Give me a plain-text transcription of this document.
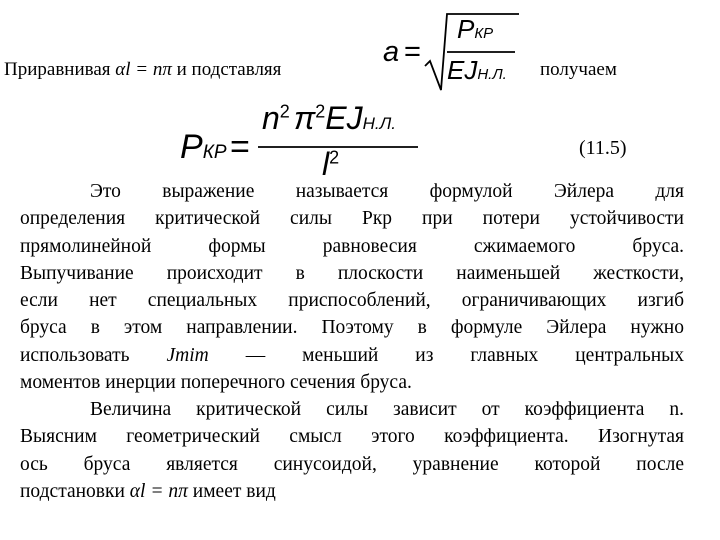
Приравнивая αl = nπ и подставляя
a =
PКР
EJН.Л. получаем
PКР =
$n^2$ $\pi^2EJН.Л$.
$l^2$	(11.5)
Это выражение называется формулой Эйлера для
определения критической силы Ркр при потери устойчивости
прямолинейной формы равновесия сжимаемого бруса.
Выпучивание происходит в плоскости наименьшей жесткости,
если нет специальных приспособлений, ограничивающих изгиб
бруса в этом направлении. Поэтому в формуле Эйлера нужно
использовать Jmim — меньший из главных центральных
моментов инерции поперечного сечения бруса.
Величина критической силы зависит от коэффициента n.
Выясним геометрический смысл этого коэффициента. Изогнутая
ось бруса является синусоидой, уравнение которой после
подстановки αl = nπ имеет вид
